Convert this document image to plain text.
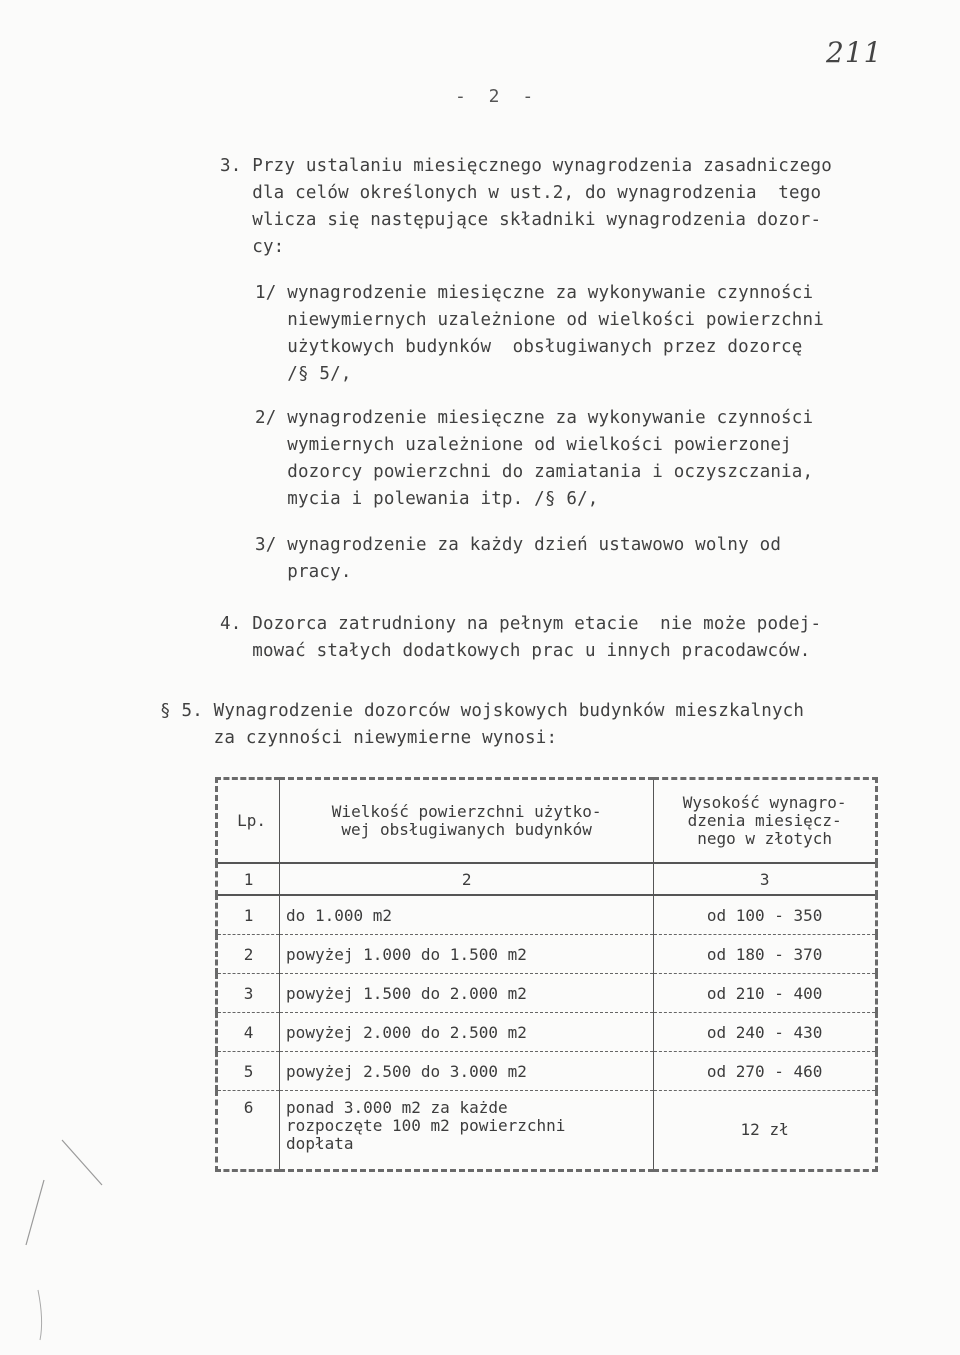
211
- 2 -
3. Przy ustalaniu miesięcznego wynagrodzenia zasadniczego
dla celów określonych w ust.2, do wynagrodzenia  tego
wlicza się następujące składniki wynagrodzenia dozor-
cy:
1/ wynagrodzenie miesięczne za wykonywanie czynności
niewymiernych uzależnione od wielkości powierzchni
użytkowych budynków  obsługiwanych przez dozorcę
/§ 5/,
2/ wynagrodzenie miesięczne za wykonywanie czynności
wymiernych uzależnione od wielkości powierzonej
dozorcy powierzchni do zamiatania i oczyszczania,
mycia i polewania itp. /§ 6/,
3/ wynagrodzenie za każdy dzień ustawowo wolny od
pracy.
4. Dozorca zatrudniony na pełnym etacie  nie może podej-
mować stałych dodatkowych prac u innych pracodawców.
§ 5. Wynagrodzenie dozorców wojskowych budynków mieszkalnych
za czynności niewymierne wynosi:
Lp.	Wielkość powierzchni użytko-
wej obsługiwanych budynków	Wysokość wynagro-
dzenia miesięcz-
nego w złotych
1	2	3
1	do 1.000 m2	od 100 - 350
2	powyżej 1.000 do 1.500 m2	od 180 - 370
3	powyżej 1.500 do 2.000 m2	od 210 - 400
4	powyżej 2.000 do 2.500 m2	od 240 - 430
5	powyżej 2.500 do 3.000 m2	od 270 - 460
6	ponad 3.000 m2 za każde
rozpoczęte 100 m2 powierzchni
dopłata	12 zł
